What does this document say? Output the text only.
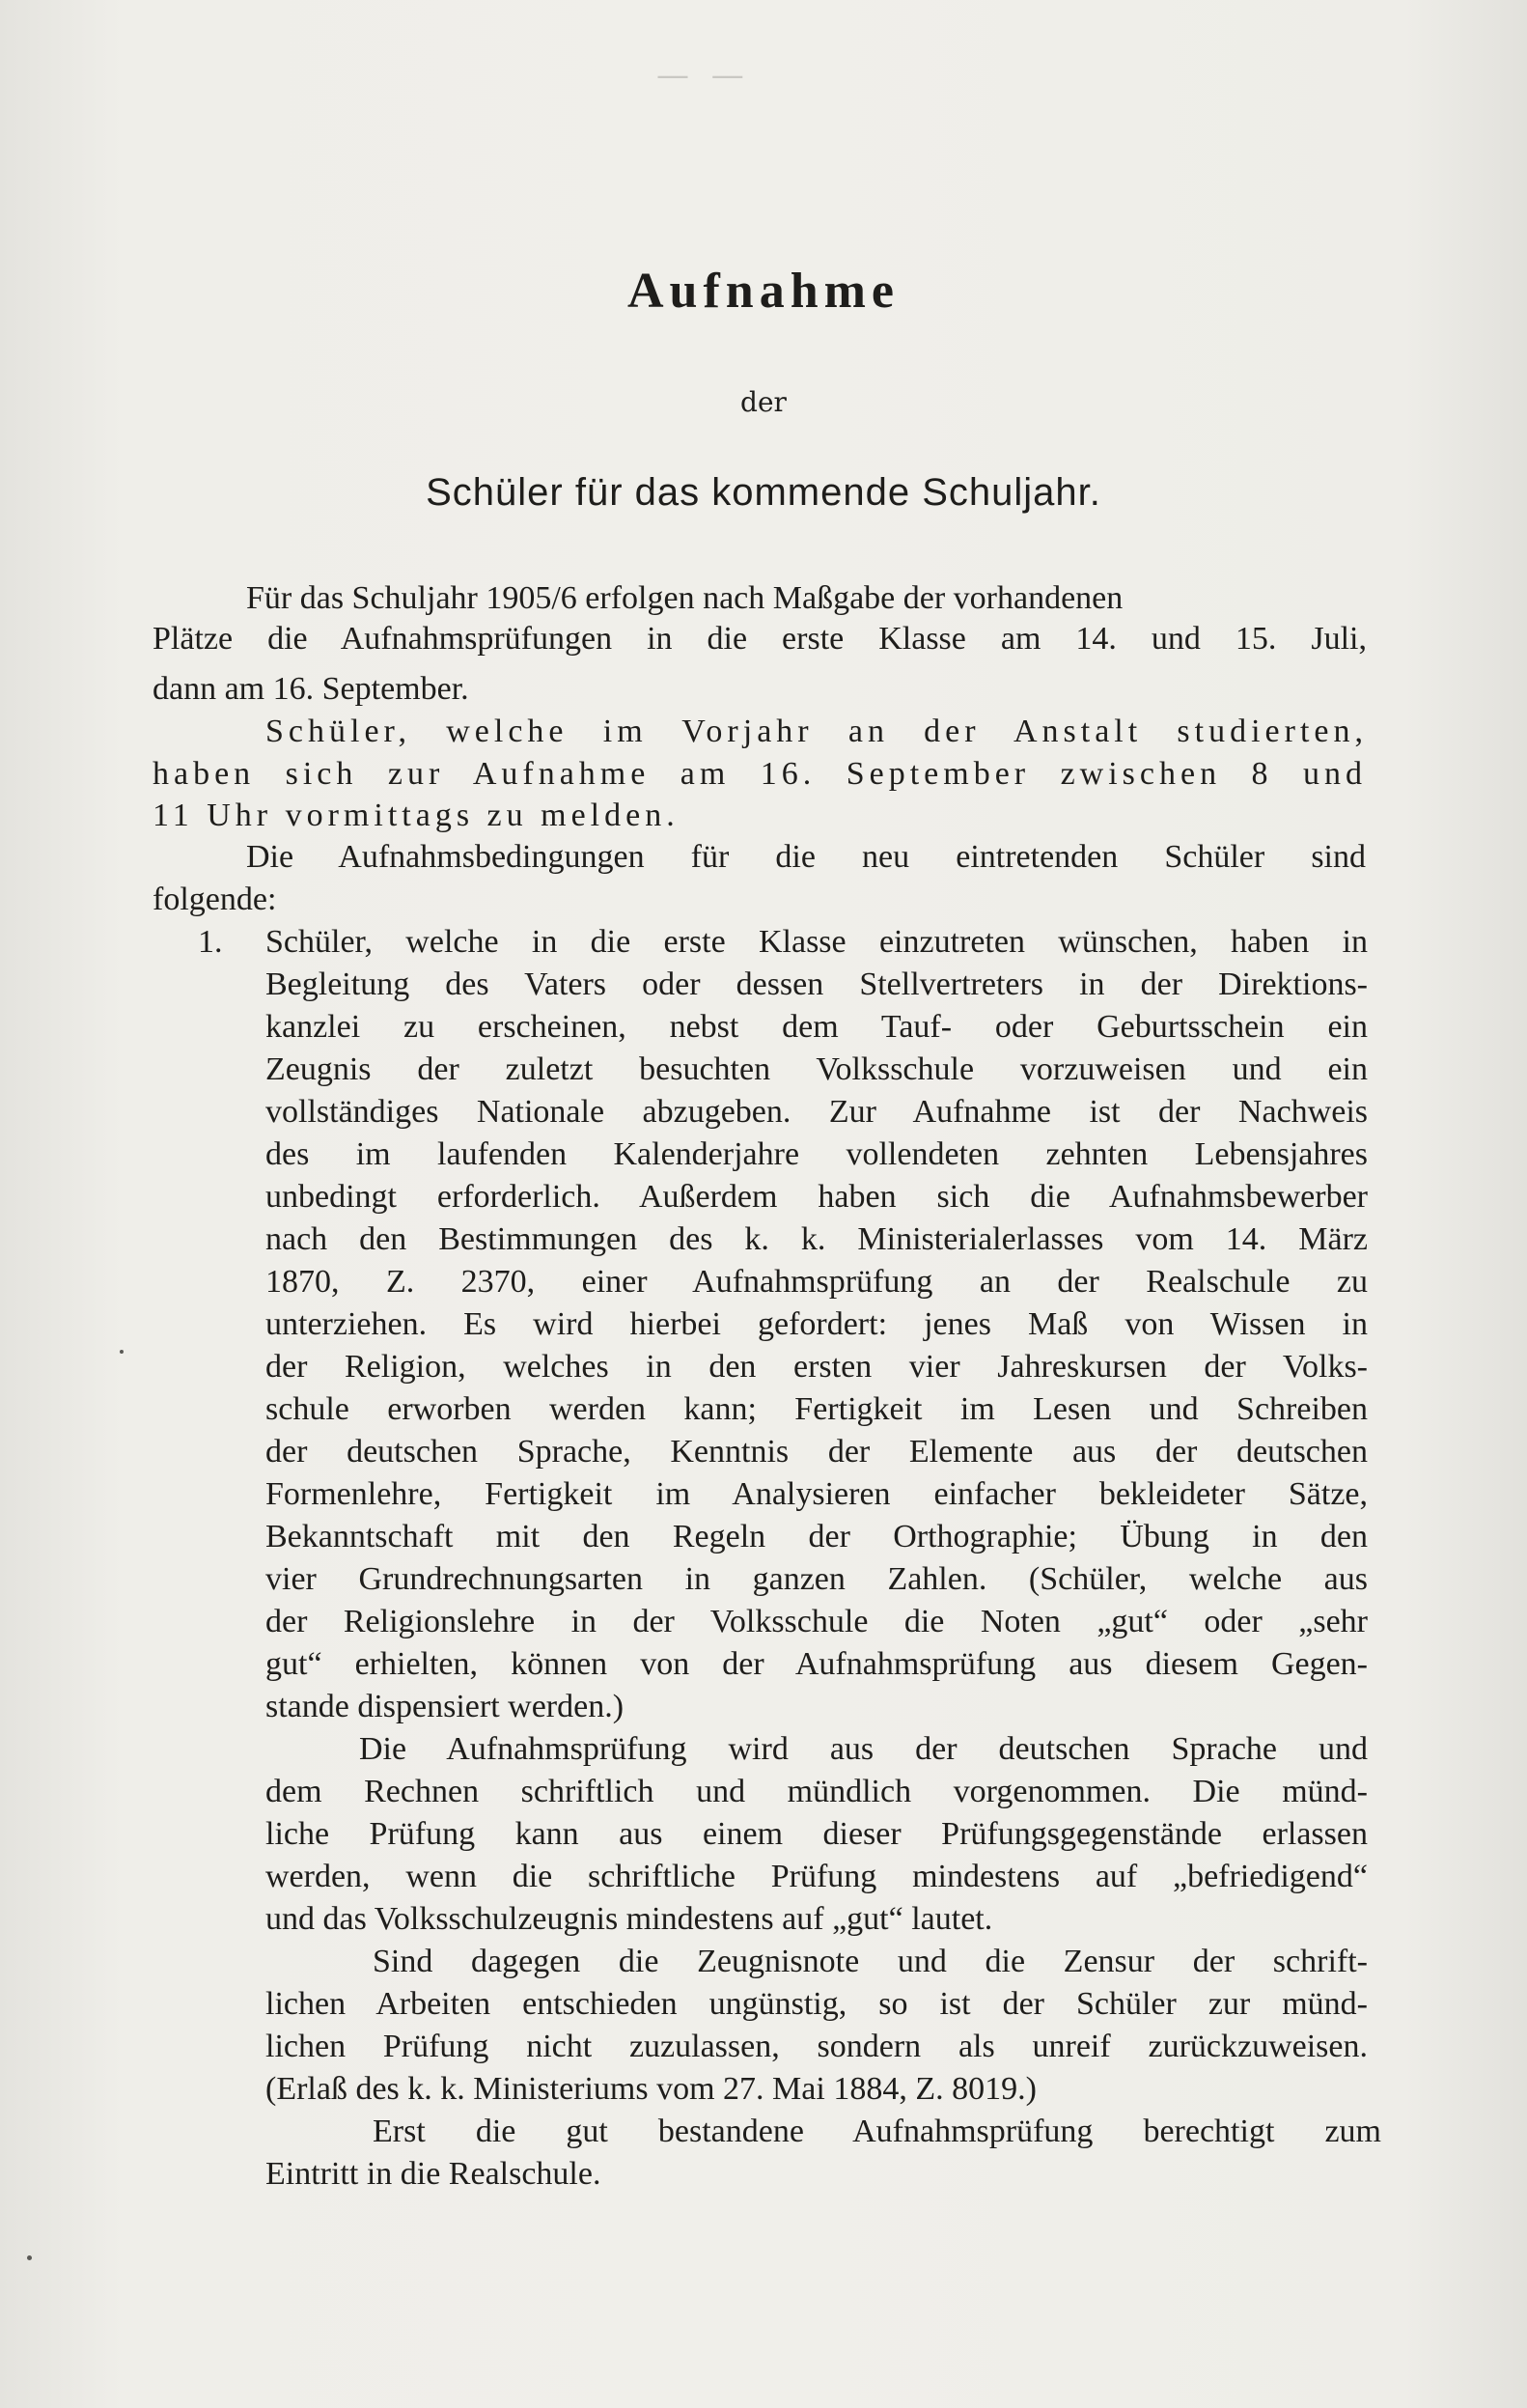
— —
Aufnahme
der
Schüler für das kommende Schuljahr.
Für das Schuljahr 1905/6 erfolgen nach Maßgabe der vorhandenen
Plätze die Aufnahmsprüfungen in die erste Klasse am 14. und 15. Juli,
dann am 16. September.
Schüler, welche im Vorjahr an der Anstalt studierten,
haben sich zur Aufnahme am 16. September zwischen 8 und
11 Uhr vormittags zu melden.
Die Aufnahmsbedingungen für die neu eintretenden Schüler sind
folgende:
1. Schüler, welche in die erste Klasse einzutreten wünschen, haben in
Begleitung des Vaters oder dessen Stellvertreters in der Direktions-
kanzlei zu erscheinen, nebst dem Tauf- oder Geburtsschein ein
Zeugnis der zuletzt besuchten Volksschule vorzuweisen und ein
vollständiges Nationale abzugeben. Zur Aufnahme ist der Nachweis
des im laufenden Kalenderjahre vollendeten zehnten Lebensjahres
unbedingt erforderlich. Außerdem haben sich die Aufnahmsbewerber
nach den Bestimmungen des k. k. Ministerialerlasses vom 14. März
1870, Z. 2370, einer Aufnahmsprüfung an der Realschule zu
unterziehen. Es wird hierbei gefordert: jenes Maß von Wissen in
der Religion, welches in den ersten vier Jahreskursen der Volks-
schule erworben werden kann; Fertigkeit im Lesen und Schreiben
der deutschen Sprache, Kenntnis der Elemente aus der deutschen
Formenlehre, Fertigkeit im Analysieren einfacher bekleideter Sätze,
Bekanntschaft mit den Regeln der Orthographie; Übung in den
vier Grundrechnungsarten in ganzen Zahlen. (Schüler, welche aus
der Religionslehre in der Volksschule die Noten „gut“ oder „sehr
gut“ erhielten, können von der Aufnahmsprüfung aus diesem Gegen-
stande dispensiert werden.)
Die Aufnahmsprüfung wird aus der deutschen Sprache und
dem Rechnen schriftlich und mündlich vorgenommen. Die münd-
liche Prüfung kann aus einem dieser Prüfungsgegenstände erlassen
werden, wenn die schriftliche Prüfung mindestens auf „befriedigend“
und das Volksschulzeugnis mindestens auf „gut“ lautet.
Sind dagegen die Zeugnisnote und die Zensur der schrift-
lichen Arbeiten entschieden ungünstig, so ist der Schüler zur münd-
lichen Prüfung nicht zuzulassen, sondern als unreif zurückzuweisen.
(Erlaß des k. k. Ministeriums vom 27. Mai 1884, Z. 8019.)
Erst die gut bestandene Aufnahmsprüfung berechtigt zum
Eintritt in die Realschule.
